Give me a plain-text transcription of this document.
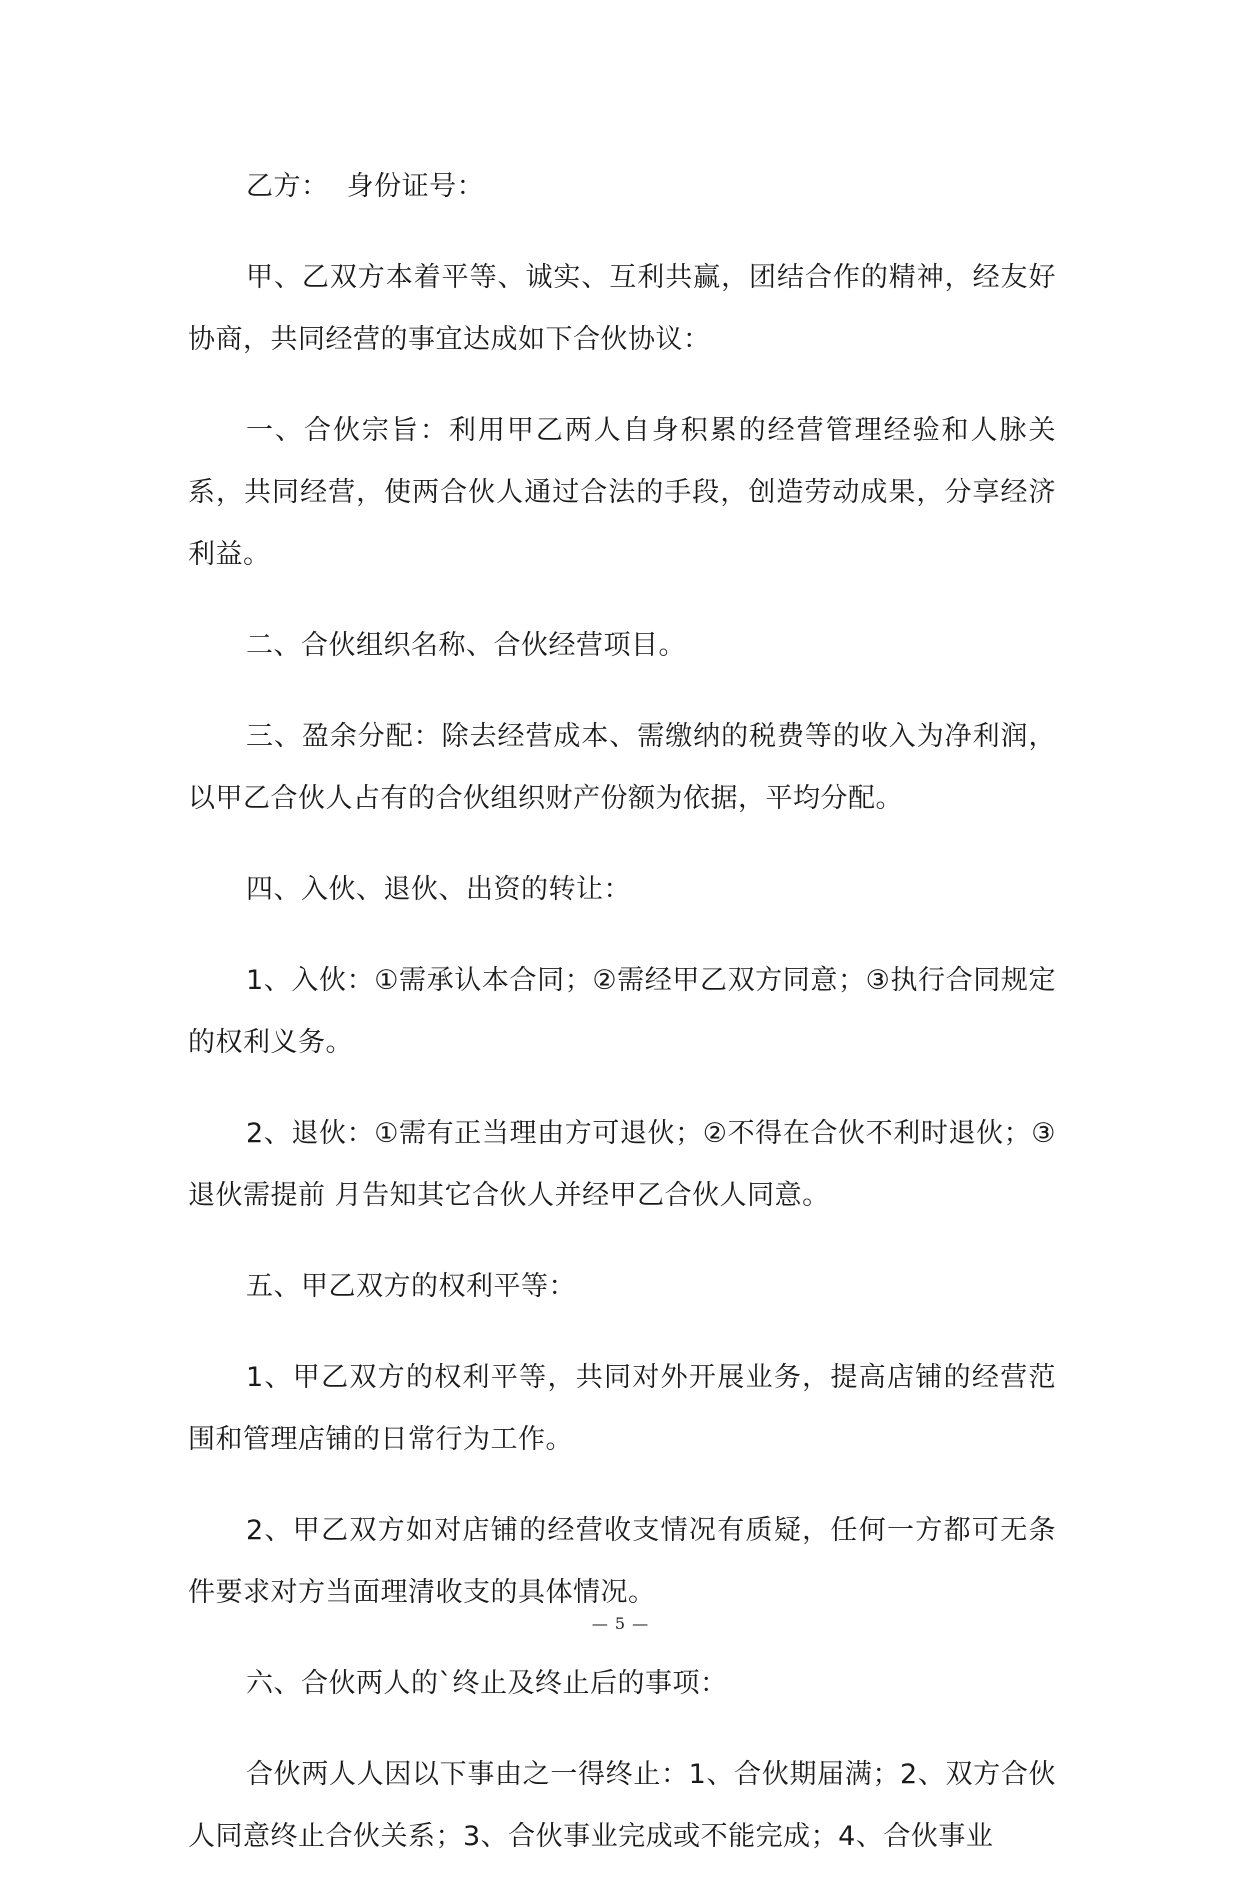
乙方：  身份证号：

甲、乙双方本着平等、诚实、互利共赢，团结合作的精神，经友好协商，共同经营的事宜达成如下合伙协议：

一、合伙宗旨：利用甲乙两人自身积累的经营管理经验和人脉关系，共同经营，使两合伙人通过合法的手段，创造劳动成果，分享经济利益。

二、合伙组织名称、合伙经营项目。

三、盈余分配：除去经营成本、需缴纳的税费等的收入为净利润，以甲乙合伙人占有的合伙组织财产份额为依据，平均分配。

四、入伙、退伙、出资的转让：

1、入伙：①需承认本合同；②需经甲乙双方同意；③执行合同规定的权利义务。

2、退伙：①需有正当理由方可退伙；②不得在合伙不利时退伙；③退伙需提前 月告知其它合伙人并经甲乙合伙人同意。

五、甲乙双方的权利平等：

1、甲乙双方的权利平等，共同对外开展业务，提高店铺的经营范围和管理店铺的日常行为工作。

2、甲乙双方如对店铺的经营收支情况有质疑，任何一方都可无条件要求对方当面理清收支的具体情况。

六、合伙两人的`终止及终止后的事项：

合伙两人人因以下事由之一得终止：1、合伙期届满；2、双方合伙人同意终止合伙关系；3、合伙事业完成或不能完成；4、合伙事业

— 5 —
